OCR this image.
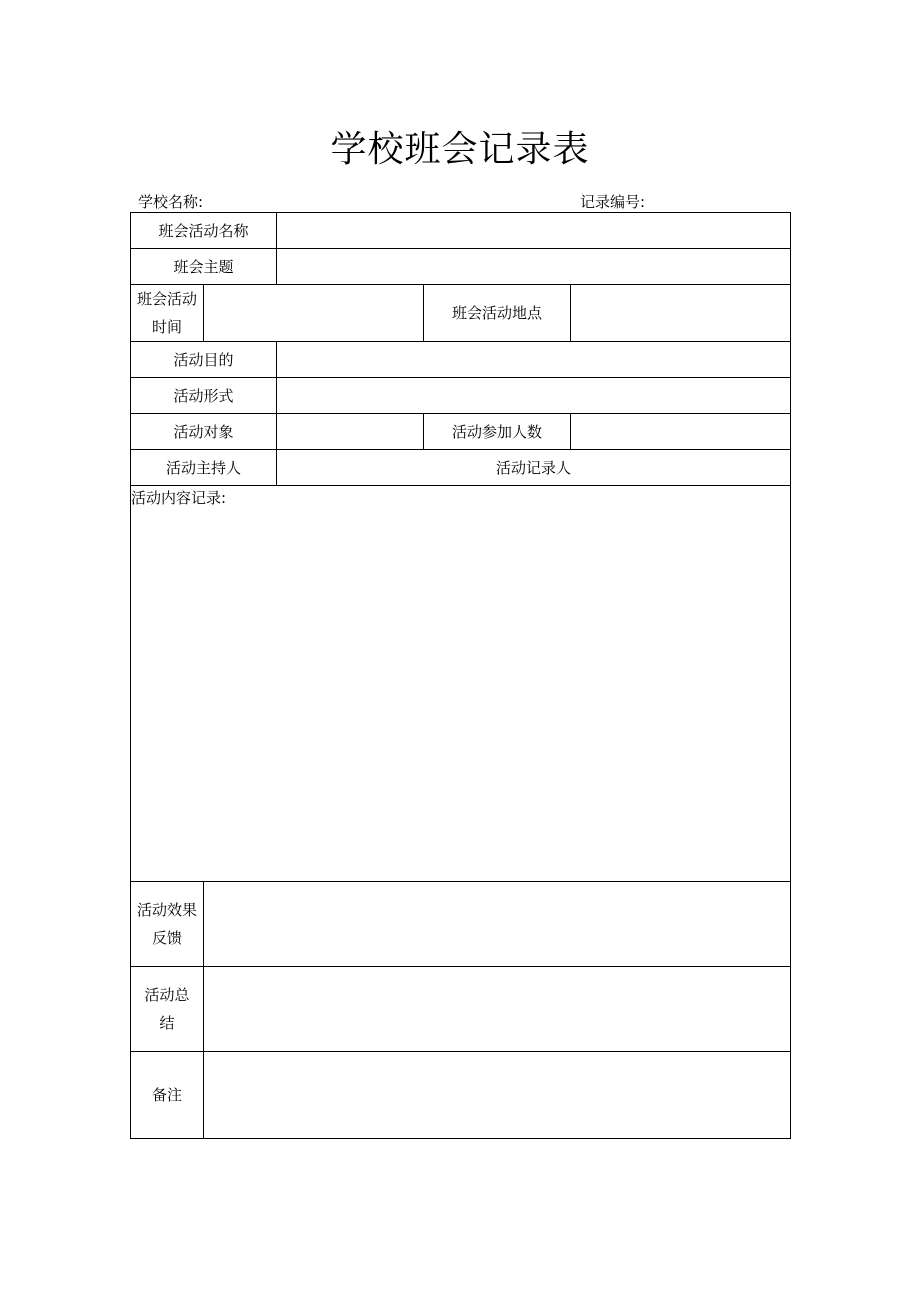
学校班会记录表
学校名称:	记录编号:
班会活动名称				
班会主题				
班会活动
时间			班会活动地点	
活动目的				
活动形式				
活动对象			活动参加人数	
活动主持人		活动记录人		
活动内容记录:				
活动效果
反馈				
活动总
结				
备注				
